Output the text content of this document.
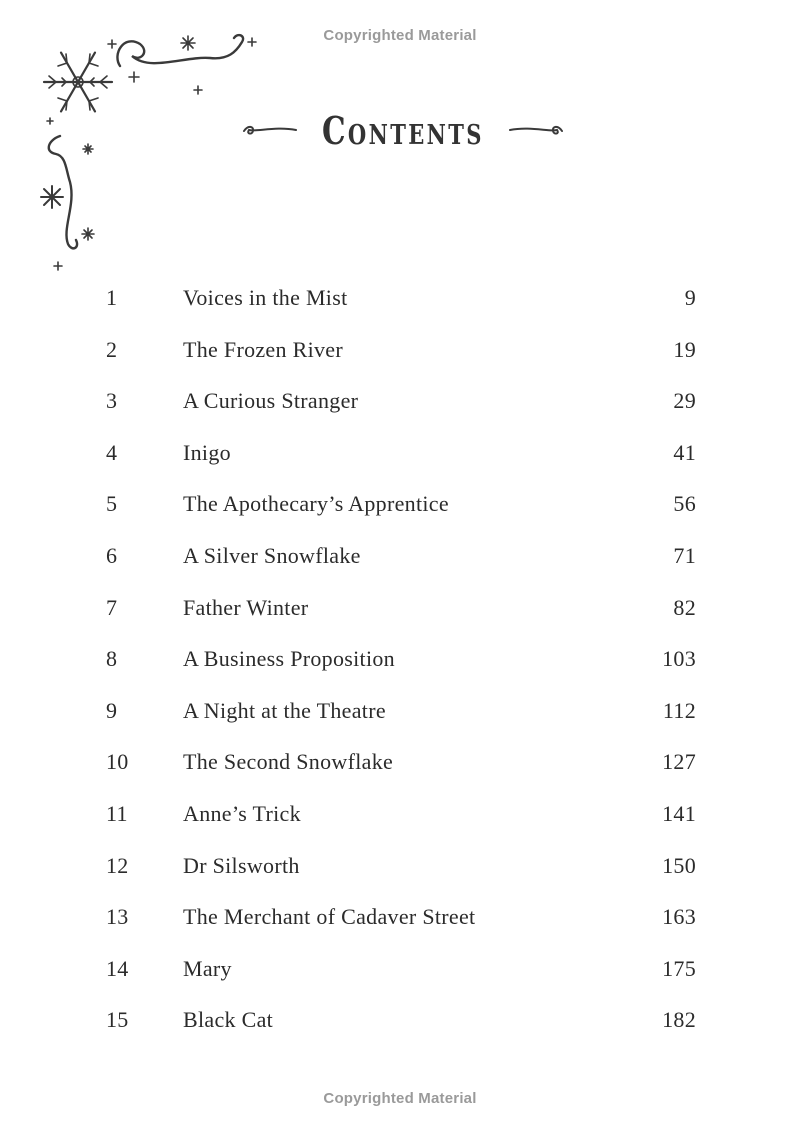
Copyrighted Material
Contents
1	Voices in the Mist	9
2	The Frozen River	19
3	A Curious Stranger	29
4	Inigo	41
5	The Apothecary’s Apprentice	56
6	A Silver Snowflake	71
7	Father Winter	82
8	A Business Proposition	103
9	A Night at the Theatre	112
10 The Second Snowflake	127
11	Anne’s Trick	141
12 Dr Silsworth	150
13 The Merchant of Cadaver Street	163
14 Mary	175
15 Black Cat	182
Copyrighted Material
